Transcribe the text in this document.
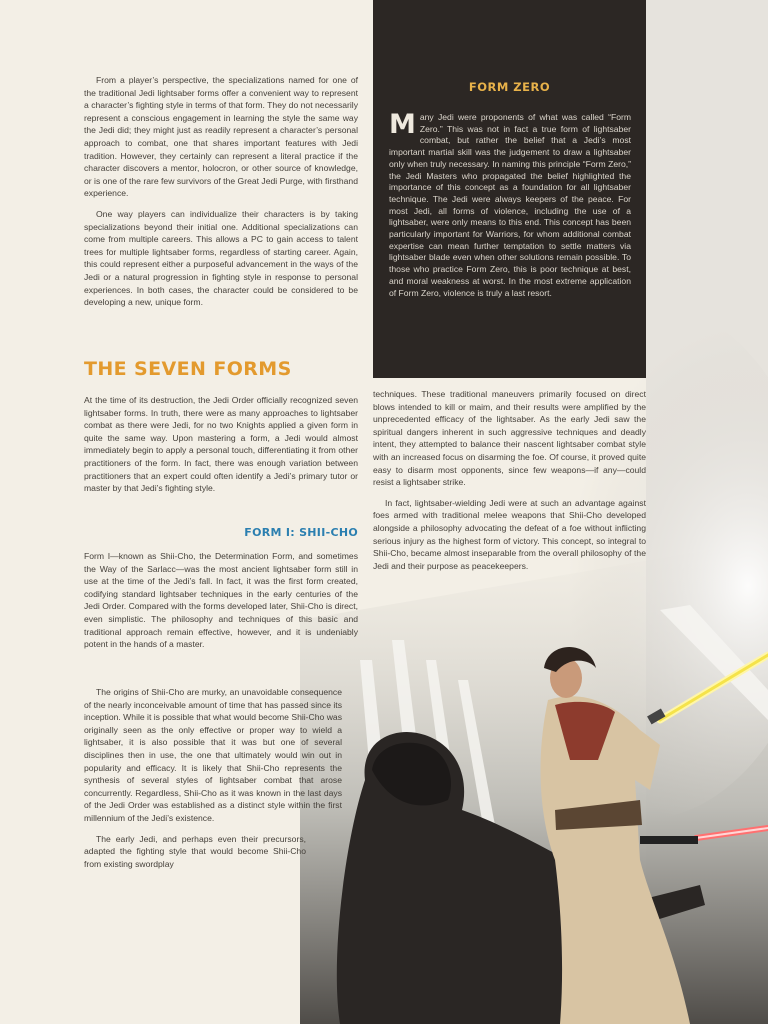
FORM ZERO
Many Jedi were proponents of what was called “Form Zero.” This was not in fact a true form of lightsaber combat, but rather the belief that a Jedi’s most important martial skill was the judgement to draw a lightsaber only when truly necessary. In naming this principle “Form Zero,” the Jedi Masters who propagated the belief highlighted the importance of this concept as a foundation for all lightsaber technique. The Jedi were always keepers of the peace. For most Jedi, all forms of violence, including the use of a lightsaber, were only means to this end. This concept has been particularly important for Warriors, for whom additional combat expertise can mean further temptation to settle matters via lightsaber blade even when other solutions remain possible. To those who practice Form Zero, this is poor technique at best, and moral weakness at worst. In the most extreme application of Form Zero, violence is truly a last resort.

From a player’s perspective, the specializations named for one of the traditional Jedi lightsaber forms offer a convenient way to represent a character’s fighting style in terms of that form. They do not necessarily represent a conscious engagement in learning the style the same way the Jedi did; they might just as readily represent a character’s personal approach to combat, one that shares important features with Jedi tradition. However, they certainly can represent a literal practice if the character discovers a mentor, holocron, or other source of knowledge, or is one of the rare few survivors of the Great Jedi Purge, with firsthand experience.

One way players can individualize their characters is by taking specializations beyond their initial one. Additional specializations can come from multiple careers. This allows a PC to gain access to talent trees for multiple lightsaber forms, regardless of starting career. Again, this could represent either a purposeful advancement in the ways of the Jedi or a natural progression in fighting style in response to personal experiences. In both cases, the character could be considered to be developing a new, unique form.

THE SEVEN FORMS

At the time of its destruction, the Jedi Order officially recognized seven lightsaber forms. In truth, there were as many approaches to lightsaber combat as there were Jedi, for no two Knights applied a given form in quite the same way. Upon mastering a form, a Jedi would almost immediately begin to apply a personal touch, differentiating it from other practitioners of the form. In fact, there was enough variation between practitioners that an expert could often identify a Jedi’s primary tutor or master by that Jedi’s fighting style.

FORM I: SHII-CHO

Form I—known as Shii-Cho, the Determination Form, and sometimes the Way of the Sarlacc—was the most ancient lightsaber form still in use at the time of the Jedi’s fall. In fact, it was the first form created, codifying standard lightsaber techniques in the early centuries of the Jedi Order. Compared with the forms developed later, Shii-Cho is direct, even simplistic. The philosophy and techniques of this basic and traditional approach remain effective, however, and it is undeniably potent in the hands of a master.

The origins of Shii-Cho are murky, an unavoidable consequence of the nearly inconceivable amount of time that has passed since its inception. While it is possible that what would become Shii-Cho was originally seen as the only effective or proper way to wield a lightsaber, it is also possible that it was but one of several disciplines then in use, the one that ultimately would win out in popularity and efficacy. It is likely that Shii-Cho represents the synthesis of several styles of lightsaber combat that arose concurrently. Regardless, Shii-Cho as it was known in the last days of the Jedi Order was established as a distinct style within the first millennium of the Jedi’s existence.

The early Jedi, and perhaps even their precursors, adapted the fighting style that would become Shii-Cho from existing swordplay

techniques. These traditional maneuvers primarily focused on direct blows intended to kill or maim, and their results were amplified by the unprecedented efficacy of the lightsaber. As the early Jedi saw the spiritual dangers inherent in such aggressive techniques and deadly intent, they attempted to balance their nascent lightsaber combat style with an increased focus on disarming the foe. Of course, it proved quite easy to disarm most opponents, since few weapons—if any—could resist a lightsaber strike.

In fact, lightsaber-wielding Jedi were at such an advantage against foes armed with traditional melee weapons that Shii-Cho developed alongside a philosophy advocating the defeat of a foe without inflicting serious injury as the highest form of victory. This concept, so integral to Shii-Cho, became almost inseparable from the overall philosophy of the Jedi and their purpose as peacekeepers.
